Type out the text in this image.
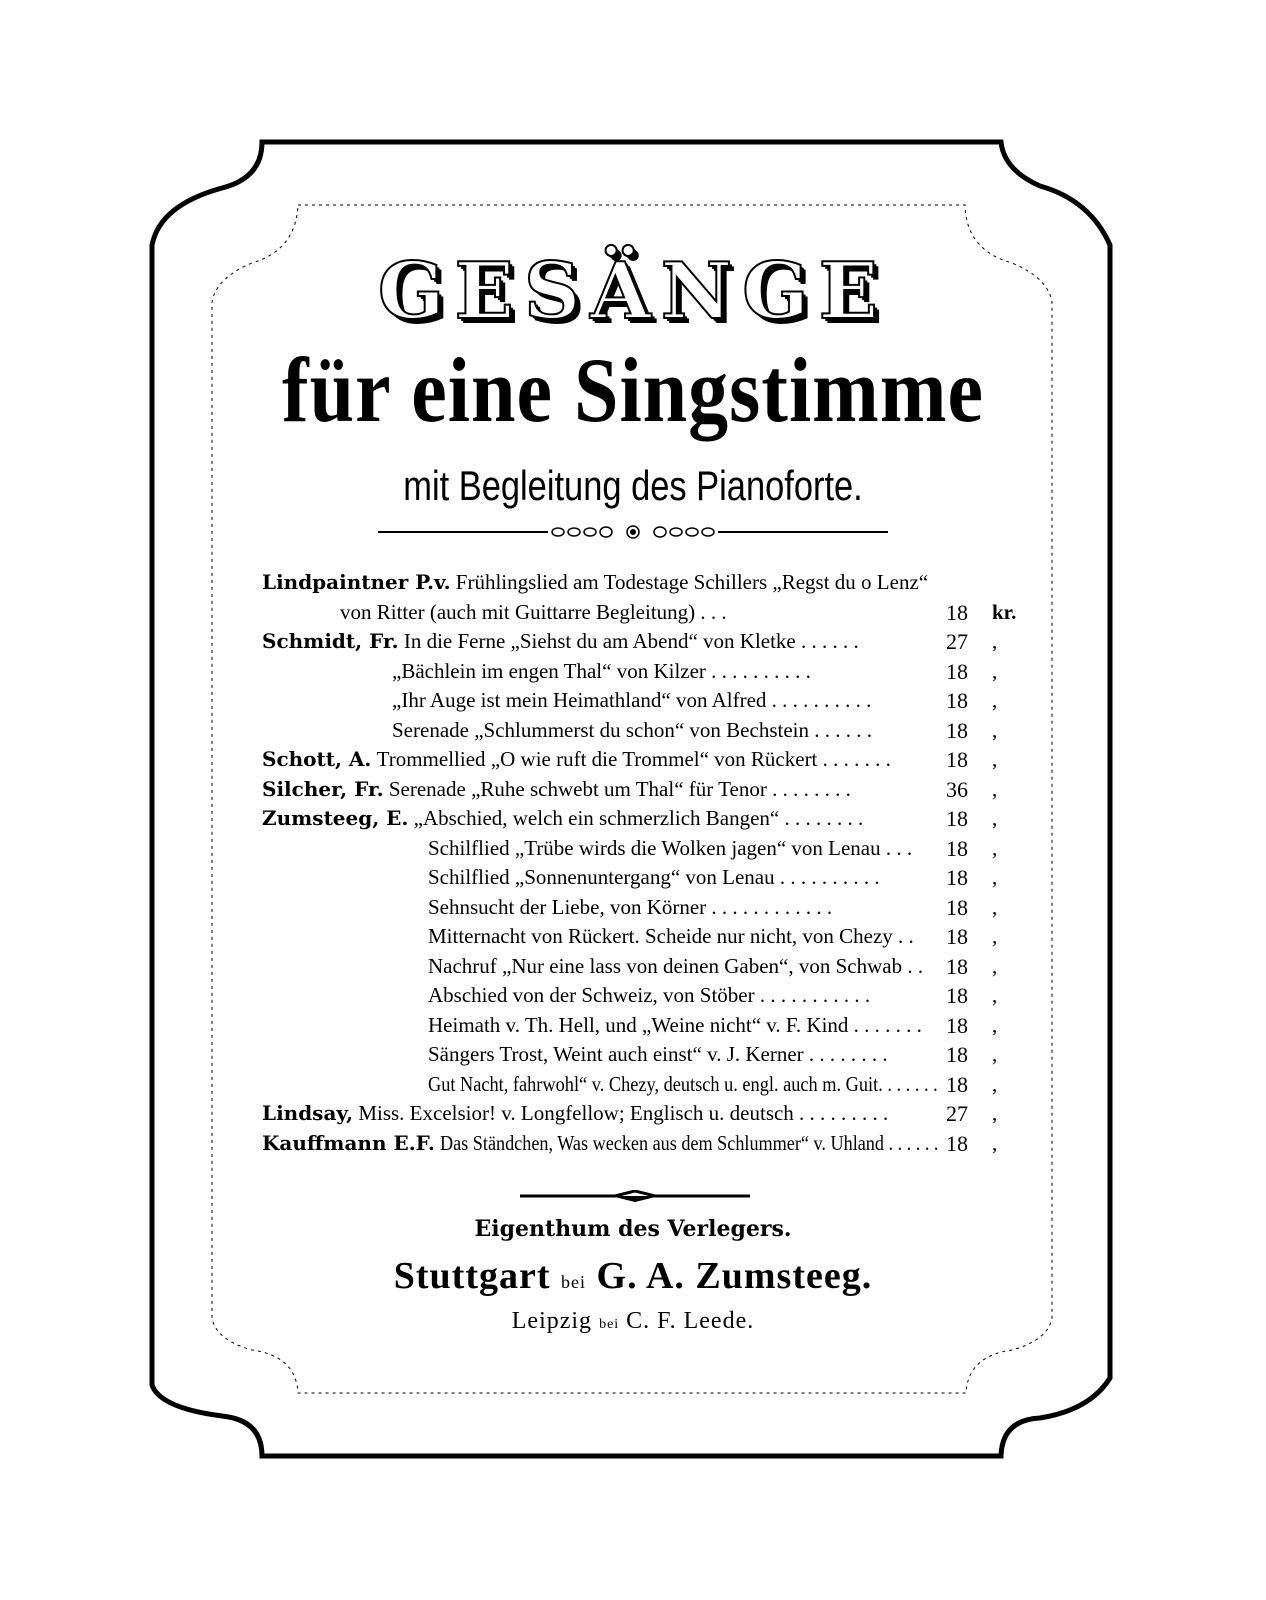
GESÄNGE
für eine Singstimme
mit Begleitung des Pianoforte.
Lindpaintner P.v. Frühlingslied am Todestage Schillers „Regst du o Lenz“
von Ritter (auch mit Guittarre Begleitung) . . .	18 kr.
Schmidt, Fr. In die Ferne „Siehst du am Abend“ von Kletke . . . . . .	27 ,
„Bächlein im engen Thal“ von Kilzer . . . . . . . . . .	18 ,
„Ihr Auge ist mein Heimathland“ von Alfred . . . . . . . . . .	18 ,
Serenade „Schlummerst du schon“ von Bechstein . . . . . .	18 ,
Schott, A. Trommellied „O wie ruft die Trommel“ von Rückert . . . . . . .	18 ,
Silcher, Fr. Serenade „Ruhe schwebt um Thal“ für Tenor . . . . . . . .	36 ,
Zumsteeg, E. „Abschied, welch ein schmerzlich Bangen“ . . . . . . . .	18 ,
Schilflied „Trübe wirds die Wolken jagen“ von Lenau . . . 18 ,
Schilflied „Sonnenuntergang“ von Lenau . . . . . . . . . .	18 ,
Sehnsucht der Liebe, von Körner . . . . . . . . . . . .	18 ,
Mitternacht von Rückert. Scheide nur nicht, von Chezy . . 18 ,
Nachruf „Nur eine lass von deinen Gaben“, von Schwab . . 18 ,
Abschied von der Schweiz, von Stöber . . . . . . . . . . .	18 ,
Heimath v. Th. Hell, und „Weine nicht“ v. F. Kind . . . . . . . 18 ,
Sängers Trost, Weint auch einst“ v. J. Kerner . . . . . . . .	18 ,
Gut Nacht, fahrwohl“ v. Chezy, deutsch u. engl. auch m. Guit. . . . . . . 18 ,
Lindsay, Miss. Excelsior! v. Longfellow; Englisch u. deutsch . . . . . . . . .	27 ,
Kauffmann E.F. Das Ständchen, Was wecken aus dem Schlummer“ v. Uhland . . . . . . 18 ,
Eigenthum des Verlegers.
Stuttgart bei G. A. Zumsteeg.
Leipzig bei C. F. Leede.
